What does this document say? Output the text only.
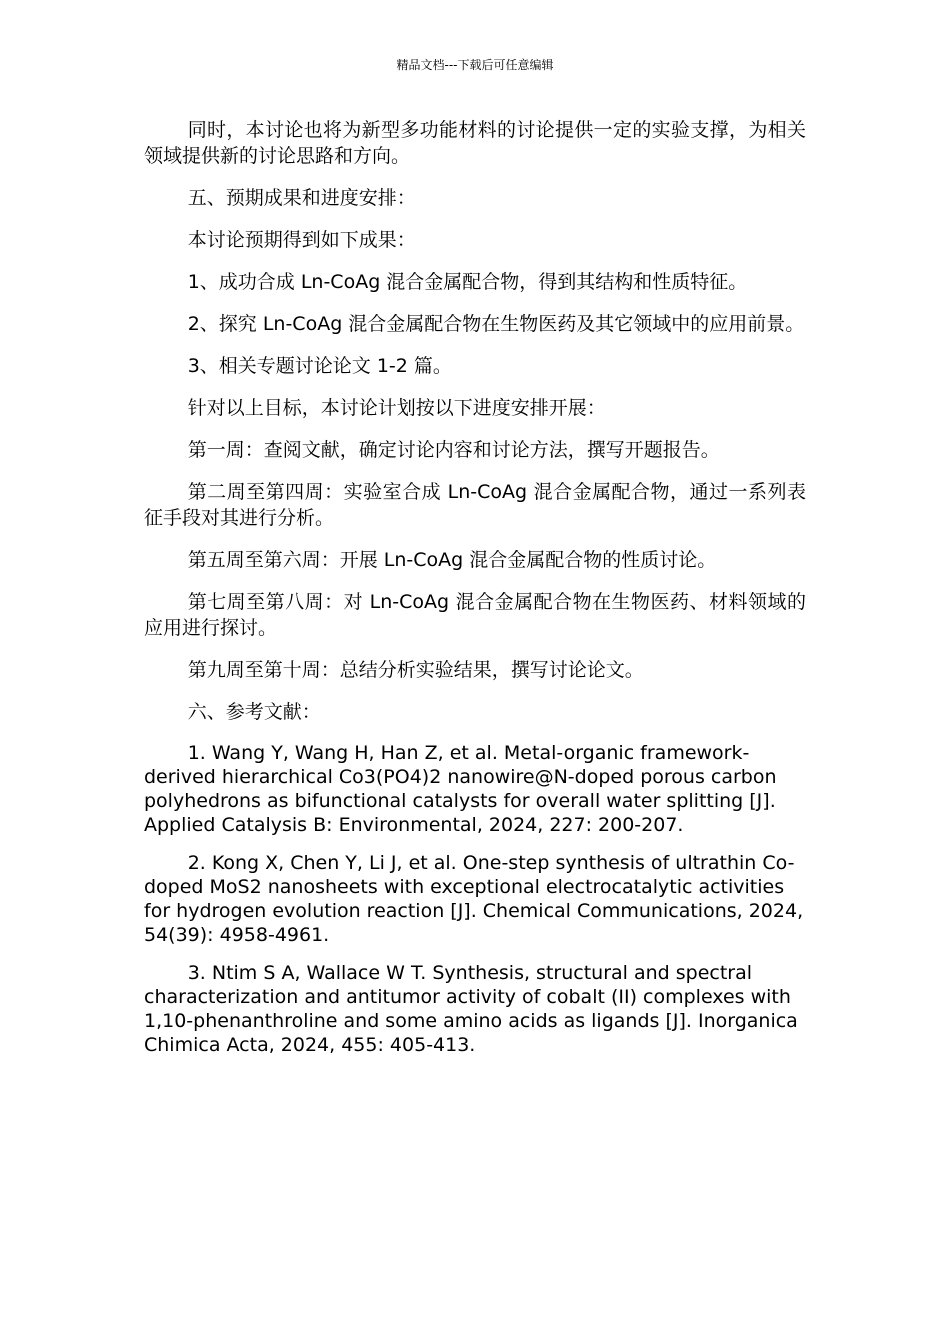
精品文档---下载后可任意编辑

同时，本讨论也将为新型多功能材料的讨论提供一定的实验支撑，为相关领域提供新的讨论思路和方向。

五、预期成果和进度安排：

本讨论预期得到如下成果：

1、成功合成 Ln-CoAg 混合金属配合物，得到其结构和性质特征。

2、探究 Ln-CoAg 混合金属配合物在生物医药及其它领域中的应用前景。

3、相关专题讨论论文 1-2 篇。

针对以上目标，本讨论计划按以下进度安排开展：

第一周：查阅文献，确定讨论内容和讨论方法，撰写开题报告。

第二周至第四周：实验室合成 Ln-CoAg 混合金属配合物，通过一系列表征手段对其进行分析。

第五周至第六周：开展 Ln-CoAg 混合金属配合物的性质讨论。

第七周至第八周：对 Ln-CoAg 混合金属配合物在生物医药、材料领域的应用进行探讨。

第九周至第十周：总结分析实验结果，撰写讨论论文。

六、参考文献：

1. Wang Y, Wang H, Han Z, et al. Metal-organic framework-derived hierarchical Co3(PO4)2 nanowire@N-doped porous carbon polyhedrons as bifunctional catalysts for overall water splitting [J]. Applied Catalysis B: Environmental, 2024, 227: 200-207.

2. Kong X, Chen Y, Li J, et al. One-step synthesis of ultrathin Co-doped MoS2 nanosheets with exceptional electrocatalytic activities for hydrogen evolution reaction [J]. Chemical Communications, 2024, 54(39): 4958-4961.

3. Ntim S A, Wallace W T. Synthesis, structural and spectral characterization and antitumor activity of cobalt (II) complexes with 1,10-phenanthroline and some amino acids as ligands [J]. Inorganica Chimica Acta, 2024, 455: 405-413.
